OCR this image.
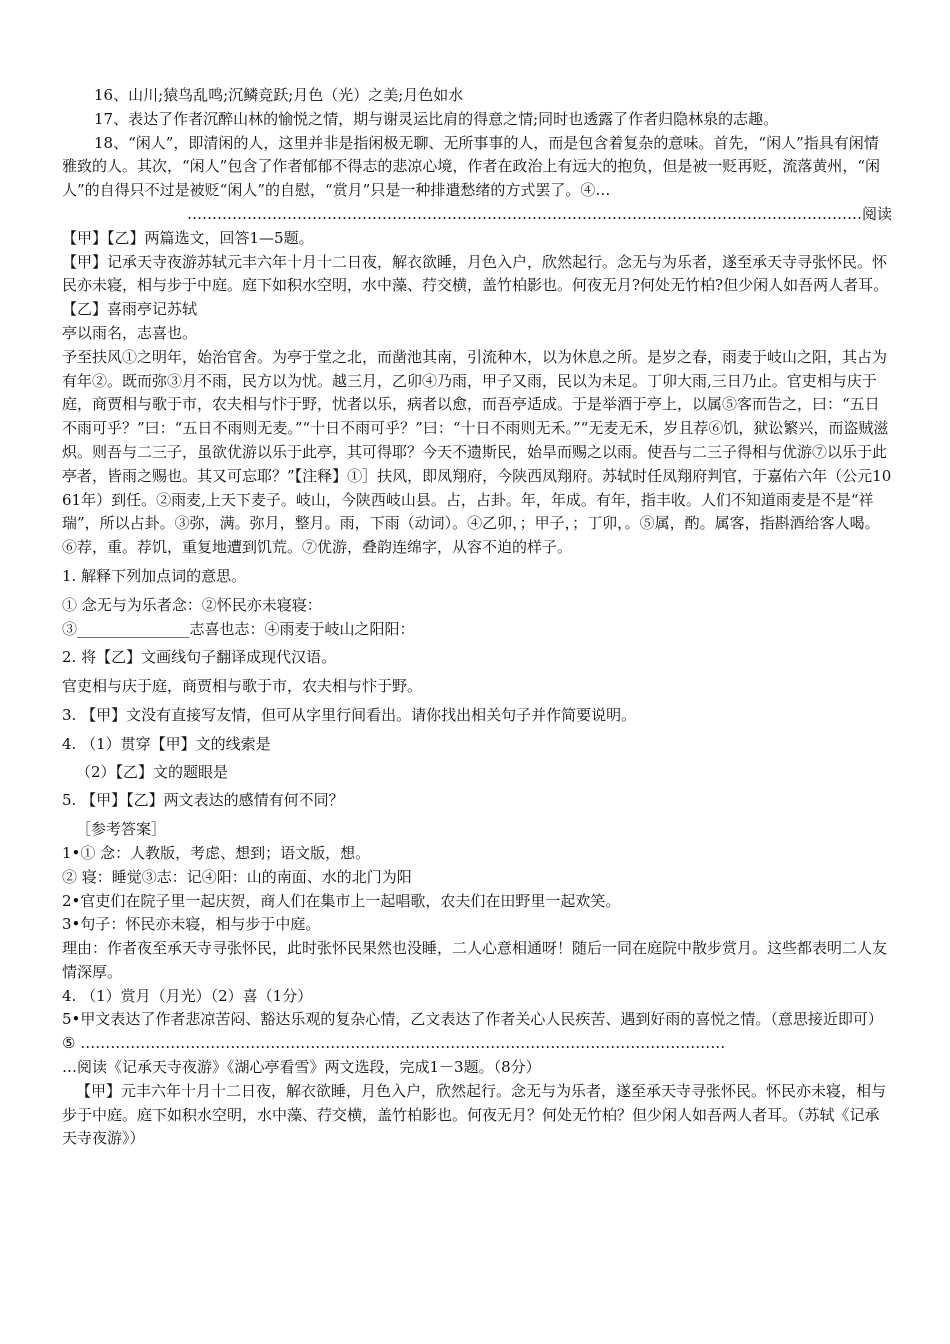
16、山川;猿鸟乱鸣;沉鳞竞跃;月色（光）之美;月色如水

17、表达了作者沉醉山林的愉悦之情，期与谢灵运比肩的得意之情;同时也透露了作者归隐林泉的志趣。

18、“闲人”，即清闲的人，这里并非是指闲极无聊、无所事事的人，而是包含着复杂的意味。首先，“闲人”指具有闲情雅致的人。其次，“闲人”包含了作者郁郁不得志的悲凉心境，作者在政治上有远大的抱负，但是被一贬再贬，流落黄州，“闲人”的自得只不过是被贬“闲人”的自慰，“赏月”只是一种排遣愁绪的方式罢了。④…

………………………………………………………………………………………………………………………阅读

【甲】【乙】两篇选文，回答1—5题。

【甲】记承天寺夜游苏轼元丰六年十月十二日夜，解衣欲睡，月色入户，欣然起行。念无与为乐者，遂至承天寺寻张怀民。怀民亦未寝，相与步于中庭。庭下如积水空明，水中藻、荇交横，盖竹柏影也。何夜无月?何处无竹柏?但少闲人如吾两人者耳。

【乙】喜雨亭记苏轼

亭以雨名，志喜也。

予至扶风①之明年，始治官舍。为亭于堂之北，而凿池其南，引流种木，以为休息之所。是岁之春，雨麦于岐山之阳，其占为有年②。既而弥③月不雨，民方以为忧。越三月，乙卯④乃雨，甲子又雨，民以为未足。丁卯大雨,三日乃止。官吏相与庆于庭，商贾相与歌于市，农夫相与忭于野，忧者以乐，病者以愈，而吾亭适成。于是举酒于亭上，以属⑤客而告之，曰：“五日不雨可乎？”曰：“五日不雨则无麦。”“十日不雨可乎？”曰：“十日不雨则无禾。”“无麦无禾，岁且荐⑥饥，狱讼繁兴，而盗贼滋炽。则吾与二三子，虽欲优游以乐于此亭，其可得耶？今天不遗斯民，始旱而赐之以雨。使吾与二三子得相与优游⑦以乐于此亭者，皆雨之赐也。其又可忘耶？”【注释】①］扶风，即凤翔府，今陕西凤翔府。苏轼时任凤翔府判官，于嘉佑六年（公元1061年）到任。②雨麦,上天下麦子。岐山，今陕西岐山县。占，占卦。年，年成。有年，指丰收。人们不知道雨麦是不是“祥瑞”，所以占卦。③弥，满。弥月，整月。雨，下雨（动词）。④乙卯，；甲子，；丁卯，。⑤属，酌。属客，指斟酒给客人喝。⑥荐，重。荐饥，重复地遭到饥荒。⑦优游，叠韵连绵字，从容不迫的样子。

1. 解释下列加点词的意思。

① 念无与为乐者念：②怀民亦未寝寝：

③_______________志喜也志：④雨麦于岐山之阳阳：

2. 将【乙】文画线句子翻译成现代汉语。

官吏相与庆于庭，商贾相与歌于市，农夫相与忭于野。

3. 【甲】文没有直接写友情，但可从字里行间看出。请你找出相关句子并作简要说明。

4. （1）贯穿【甲】文的线索是

（2）【乙】文的题眼是

5. 【甲】【乙】两文表达的感情有何不同？

［参考答案］

1•① 念：人教版，考虑、想到；语文版，想。

② 寝：睡觉③志：记④阳：山的南面、水的北门为阳

2•官吏们在院子里一起庆贺，商人们在集市上一起唱歌，农夫们在田野里一起欢笑。

3•句子：怀民亦未寝，相与步于中庭。

理由：作者夜至承天寺寻张怀民，此时张怀民果然也没睡，二人心意相通呀！随后一同在庭院中散步赏月。这些都表明二人友情深厚。

4. （1）赏月（月光）（2）喜（1分）

5•甲文表达了作者悲凉苦闷、豁达乐观的复杂心情，乙文表达了作者关心人民疾苦、遇到好雨的喜悦之情。（意思接近即可）

⑤ …………………………………………………………………………………………………………………

…阅读《记承天寺夜游》《湖心亭看雪》两文选段，完成1－3题。（8分）

【甲】元丰六年十月十二日夜，解衣欲睡，月色入户，欣然起行。念无与为乐者，遂至承天寺寻张怀民。怀民亦未寝，相与步于中庭。庭下如积水空明，水中藻、荇交横，盖竹柏影也。何夜无月？何处无竹柏？但少闲人如吾两人者耳。（苏轼《记承天寺夜游》）
